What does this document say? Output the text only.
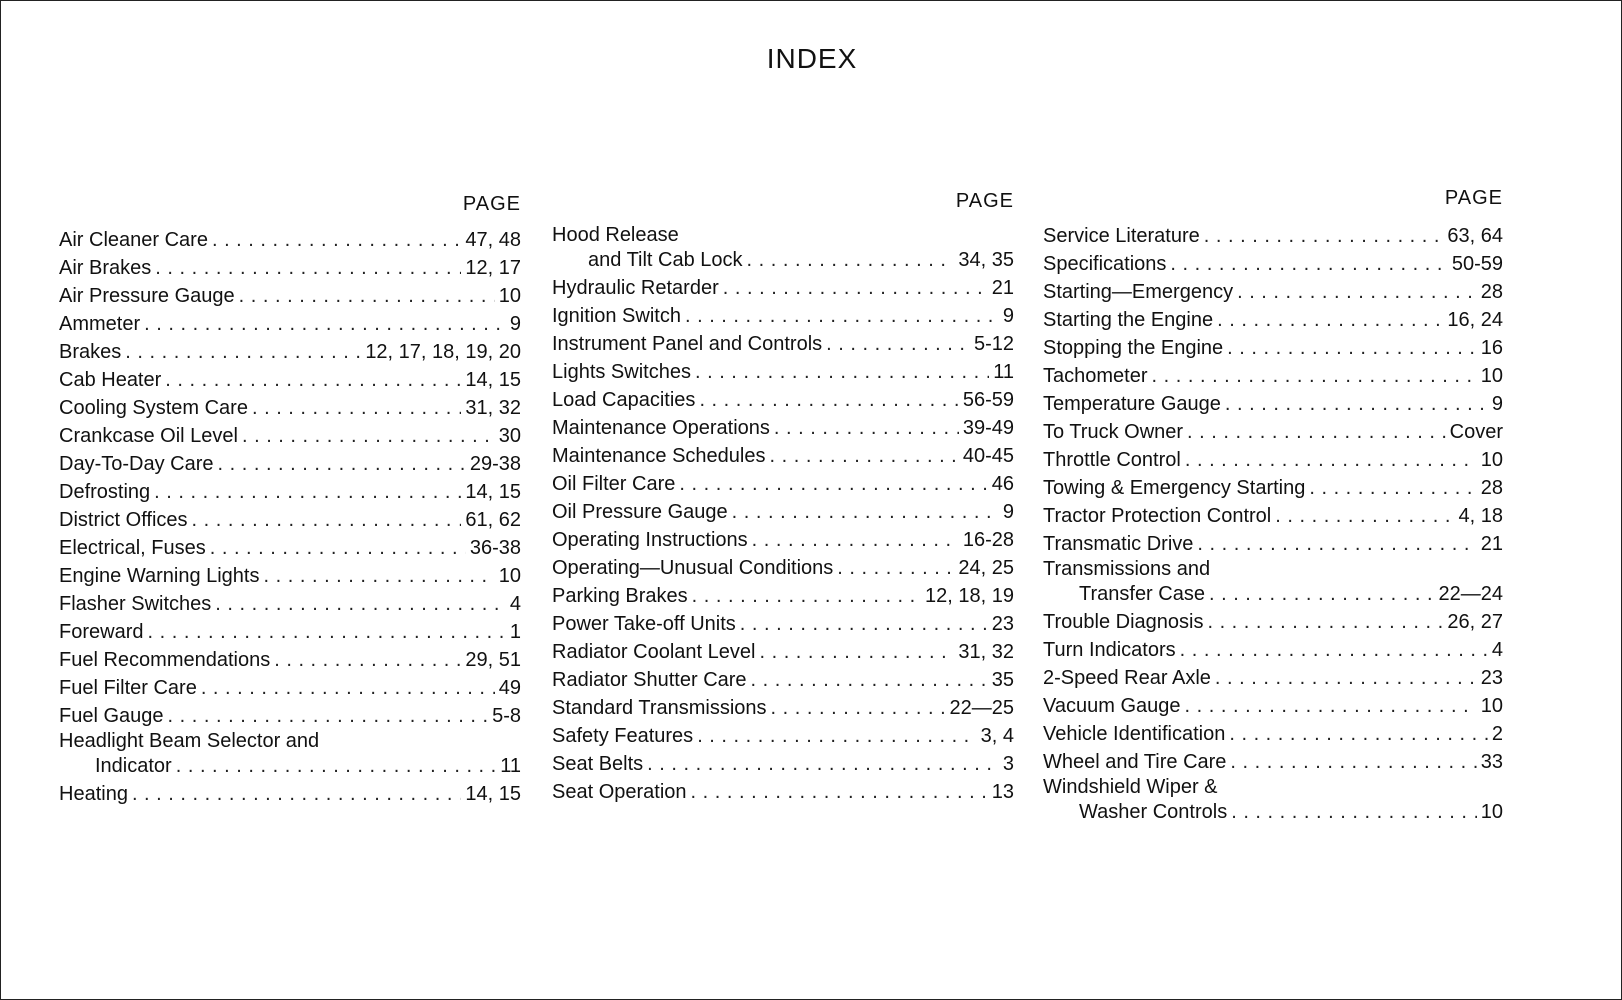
INDEX
PAGE
Air Cleaner Care . . .	47, 48
Air Brakes . . .	12, 17
Air Pressure Gauge . . .	10
Ammeter . . .	9
Brakes . . .	12, 17, 18, 19, 20
Cab Heater . . .	14, 15
Cooling System Care . . .	31, 32
Crankcase Oil Level . . .	30
Day-To-Day Care . . .	29-38
Defrosting . . .	14, 15
District Offices . . .	61, 62
Electrical, Fuses . . .	36-38
Engine Warning Lights . . .	10
Flasher Switches . . .	4
Foreward . . .	1
Fuel Recommendations . . .	29, 51
Fuel Filter Care . . .	49
Fuel Gauge . . .	5-8
Headlight Beam Selector and
Indicator . . .	11
Heating . . .	14, 15
PAGE
Hood Release
and Tilt Cab Lock . . .	34, 35
Hydraulic Retarder . . .	21
Ignition Switch . . .	9
Instrument Panel and Controls . . .	5-12
Lights Switches . . .	11
Load Capacities . . .	56-59
Maintenance Operations . . .	39-49
Maintenance Schedules . . .	40-45
Oil Filter Care . . .	46
Oil Pressure Gauge . . .	9
Operating Instructions . . .	16-28
Operating—Unusual Conditions . . .	24, 25
Parking Brakes . . .	12, 18, 19
Power Take-off Units . . .	23
Radiator Coolant Level . . .	31, 32
Radiator Shutter Care . . .	35
Standard Transmissions . . .	22—25
Safety Features . . .	3, 4
Seat Belts . . .	3
Seat Operation . . .	13
PAGE
Service Literature . . .	63, 64
Specifications . . .	50-59
Starting—Emergency . . .	28
Starting the Engine . . .	16, 24
Stopping the Engine . . .	16
Tachometer . . .	10
Temperature Gauge . . .	9
To Truck Owner . . .	Cover
Throttle Control . . .	10
Towing & Emergency Starting . . .	28
Tractor Protection Control . . .	4, 18
Transmatic Drive . . .	21
Transmissions and
Transfer Case . . .	22—24
Trouble Diagnosis . . .	26, 27
Turn Indicators . . .	4
2-Speed Rear Axle . . .	23
Vacuum Gauge . . .	10
Vehicle Identification . . .	2
Wheel and Tire Care . . .	33
Windshield Wiper &
Washer Controls . . .	10
